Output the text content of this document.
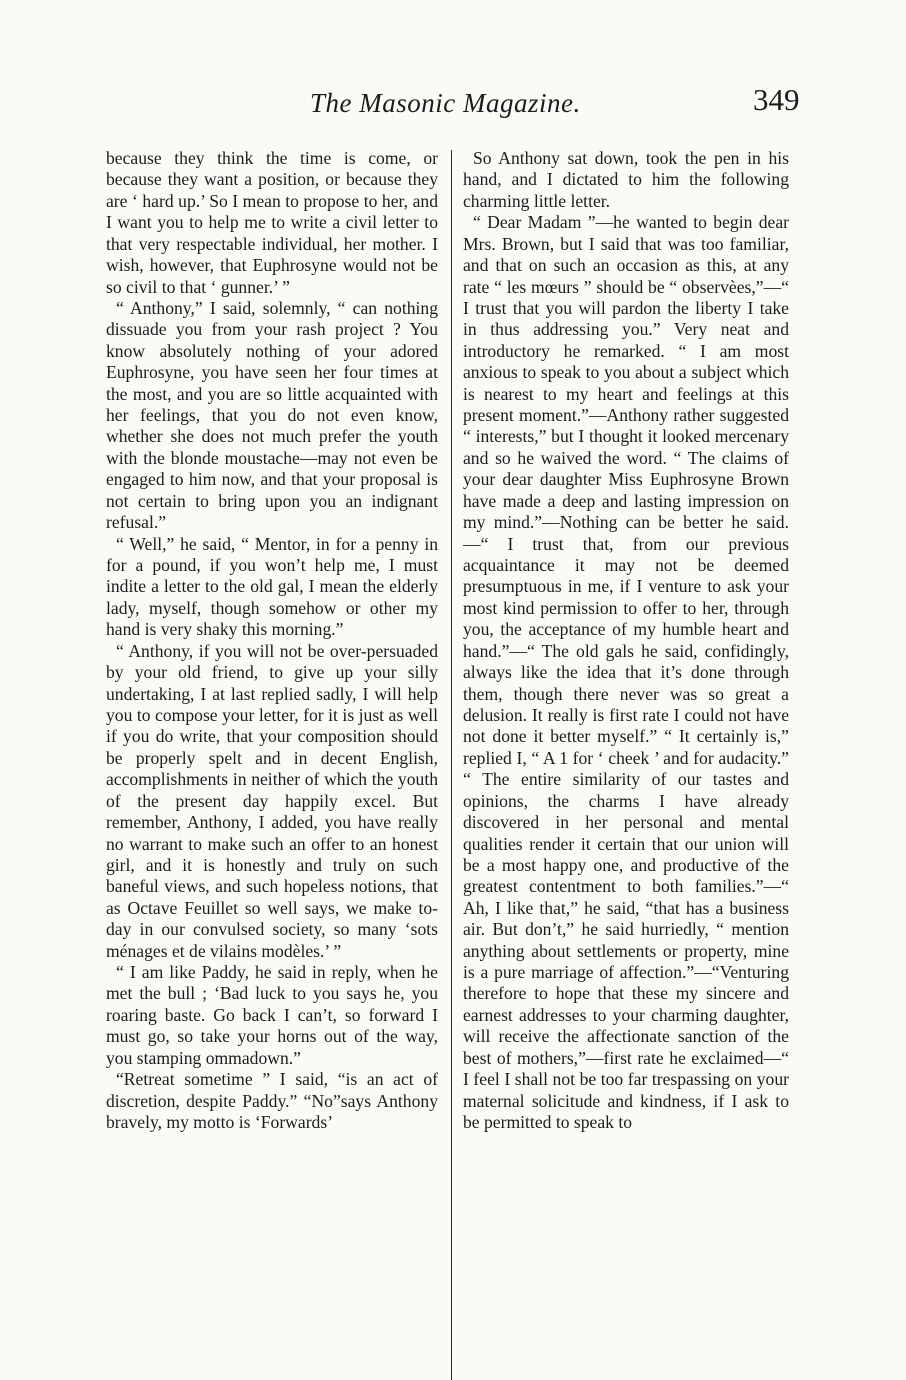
The Masonic Magazine.	349

because they think the time is come, or because they want a position, or because they are ‘ hard up.’ So I mean to propose to her, and I want you to help me to write a civil letter to that very respectable individual, her mother. I wish, however, that Euphrosyne would not be so civil to that ‘ gunner.’ ”

“ Anthony,” I said, solemnly, “ can nothing dissuade you from your rash project ? You know absolutely nothing of your adored Euphrosyne, you have seen her four times at the most, and you are so little acquainted with her feelings, that you do not even know, whether she does not much prefer the youth with the blonde moustache—may not even be engaged to him now, and that your proposal is not certain to bring upon you an indignant refusal.”

“ Well,” he said, “ Mentor, in for a penny in for a pound, if you won’t help me, I must indite a letter to the old gal, I mean the elderly lady, myself, though somehow or other my hand is very shaky this morning.”

“ Anthony, if you will not be over-persuaded by your old friend, to give up your silly undertaking, I at last replied sadly, I will help you to compose your letter, for it is just as well if you do write, that your composition should be properly spelt and in decent English, accomplishments in neither of which the youth of the present day happily excel. But remember, Anthony, I added, you have really no warrant to make such an offer to an honest girl, and it is honestly and truly on such baneful views, and such hopeless notions, that as Octave Feuillet so well says, we make to-day in our convulsed society, so many ‘sots ménages et de vilains modèles.’ ”

“ I am like Paddy, he said in reply, when he met the bull ; ‘Bad luck to you says he, you roaring baste. Go back I can’t, so forward I must go, so take your horns out of the way, you stamping ommadown.”

“Retreat sometime ” I said, “is an act of discretion, despite Paddy.” “No”says Anthony bravely, my motto is ‘Forwards’

So Anthony sat down, took the pen in his hand, and I dictated to him the following charming little letter.

“ Dear Madam ”—he wanted to begin dear Mrs. Brown, but I said that was too familiar, and that on such an occasion as this, at any rate “ les mœurs ” should be “ observèes,”—“ I trust that you will pardon the liberty I take in thus addressing you.” Very neat and introductory he remarked. “ I am most anxious to speak to you about a subject which is nearest to my heart and feelings at this present moment.”—Anthony rather suggested “ interests,” but I thought it looked mercenary and so he waived the word. “ The claims of your dear daughter Miss Euphrosyne Brown have made a deep and lasting impression on my mind.”—Nothing can be better he said. —“ I trust that, from our previous acquaintance it may not be deemed presumptuous in me, if I venture to ask your most kind permission to offer to her, through you, the acceptance of my humble heart and hand.”—“ The old gals he said, confidingly, always like the idea that it’s done through them, though there never was so great a delusion. It really is first rate I could not have not done it better myself.” “ It certainly is,” replied I, “ A 1 for ‘ cheek ’ and for audacity.” “ The entire similarity of our tastes and opinions, the charms I have already discovered in her personal and mental qualities render it certain that our union will be a most happy one, and productive of the greatest contentment to both families.”—“ Ah, I like that,” he said, “that has a business air. But don’t,” he said hurriedly, “ mention anything about settlements or property, mine is a pure marriage of affection.”—“Venturing therefore to hope that these my sincere and earnest addresses to your charming daughter, will receive the affectionate sanction of the best of mothers,”—first rate he exclaimed—“ I feel I shall not be too far trespassing on your maternal solicitude and kindness, if I ask to be permitted to speak to
